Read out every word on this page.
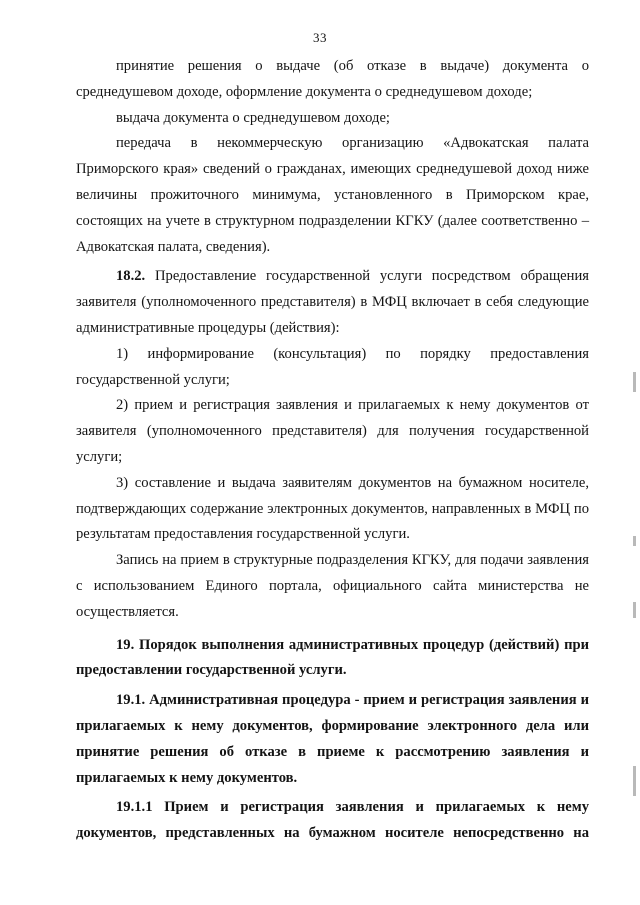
33

принятие решения о выдаче (об отказе в выдаче) документа о среднедушевом доходе, оформление документа о среднедушевом доходе;

выдача документа о среднедушевом доходе;

передача в некоммерческую организацию «Адвокатская палата Приморского края» сведений о гражданах, имеющих среднедушевой доход ниже величины прожиточного минимума, установленного в Приморском крае, состоящих на учете в структурном подразделении КГКУ (далее соответственно – Адвокатская палата, сведения).

18.2. Предоставление государственной услуги посредством обращения заявителя (уполномоченного представителя) в МФЦ включает в себя следующие административные процедуры (действия):

1) информирование (консультация) по порядку предоставления государственной услуги;

2) прием и регистрация заявления и прилагаемых к нему документов от заявителя (уполномоченного представителя) для получения государственной услуги;

3) составление и выдача заявителям документов на бумажном носителе, подтверждающих содержание электронных документов, направленных в МФЦ по результатам предоставления государственной услуги.

Запись на прием в структурные подразделения КГКУ, для подачи заявления с использованием Единого портала, официального сайта министерства не осуществляется.

19. Порядок выполнения административных процедур (действий) при предоставлении государственной услуги.

19.1. Административная процедура - прием и регистрация заявления и прилагаемых к нему документов, формирование электронного дела или принятие решения об отказе в приеме к рассмотрению заявления и прилагаемых к нему документов.

19.1.1 Прием и регистрация заявления и прилагаемых к нему документов, представленных на бумажном носителе непосредственно на
